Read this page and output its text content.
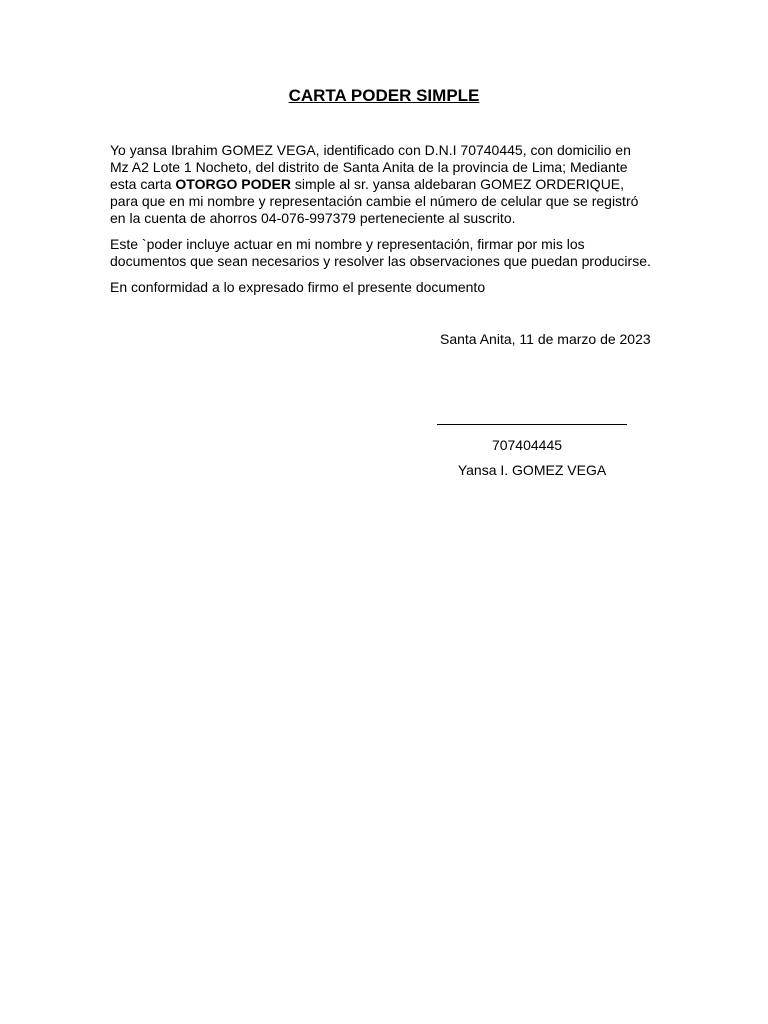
CARTA PODER SIMPLE

Yo yansa Ibrahim GOMEZ VEGA, identificado con D.N.I 70740445, con domicilio en
Mz A2 Lote 1 Nocheto, del distrito de Santa Anita de la provincia de Lima; Mediante
esta carta OTORGO PODER simple al sr. yansa aldebaran GOMEZ ORDERIQUE,
para que en mi nombre y representación cambie el número de celular que se registró
en la cuenta de ahorros 04-076-997379 perteneciente al suscrito.

Este `poder incluye actuar en mi nombre y representación, firmar por mis los
documentos que sean necesarios y resolver las observaciones que puedan producirse.

En conformidad a lo expresado firmo el presente documento

Santa Anita, 11 de marzo de 2023
707404445
Yansa I. GOMEZ VEGA
